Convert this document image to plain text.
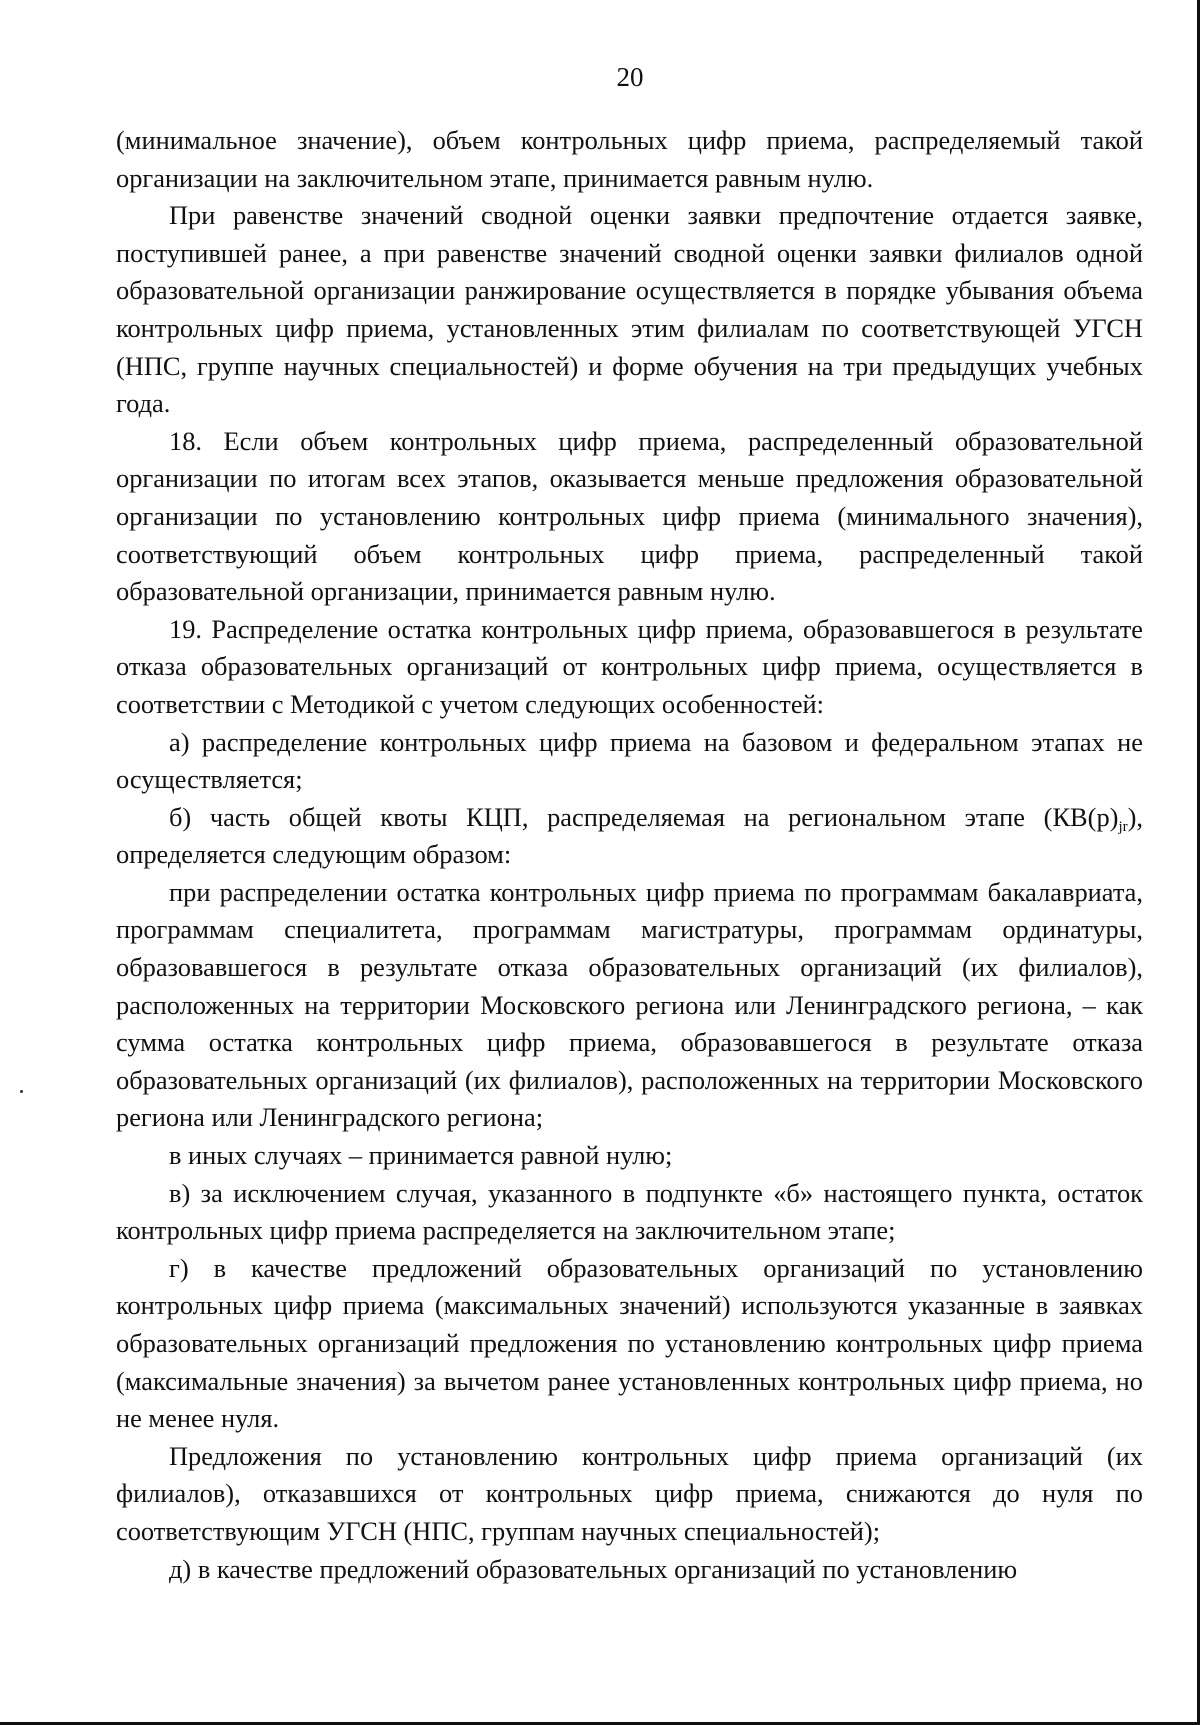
20

(минимальное значение), объем контрольных цифр приема, распределяемый такой организации на заключительном этапе, принимается равным нулю.

При равенстве значений сводной оценки заявки предпочтение отдается заявке, поступившей ранее, а при равенстве значений сводной оценки заявки филиалов одной образовательной организации ранжирование осуществляется в порядке убывания объема контрольных цифр приема, установленных этим филиалам по соответствующей УГСН (НПС, группе научных специальностей) и форме обучения на три предыдущих учебных года.

18. Если объем контрольных цифр приема, распределенный образовательной организации по итогам всех этапов, оказывается меньше предложения образовательной организации по установлению контрольных цифр приема (минимального значения), соответствующий объем контрольных цифр приема, распределенный такой образовательной организации, принимается равным нулю.

19. Распределение остатка контрольных цифр приема, образовавшегося в результате отказа образовательных организаций от контрольных цифр приема, осуществляется в соответствии с Методикой с учетом следующих особенностей:

а) распределение контрольных цифр приема на базовом и федеральном этапах не осуществляется;

б) часть общей квоты КЦП, распределяемая на региональном этапе $(КВ(р)_{jr})$, определяется следующим образом:

при распределении остатка контрольных цифр приема по программам бакалавриата, программам специалитета, программам магистратуры, программам ординатуры, образовавшегося в результате отказа образовательных организаций (их филиалов), расположенных на территории Московского региона или Ленинградского региона, – как сумма остатка контрольных цифр приема, образовавшегося в результате отказа образовательных организаций (их филиалов), расположенных на территории Московского региона или Ленинградского региона;

в иных случаях – принимается равной нулю;

в) за исключением случая, указанного в подпункте «б» настоящего пункта, остаток контрольных цифр приема распределяется на заключительном этапе;

г) в качестве предложений образовательных организаций по установлению контрольных цифр приема (максимальных значений) используются указанные в заявках образовательных организаций предложения по установлению контрольных цифр приема (максимальные значения) за вычетом ранее установленных контрольных цифр приема, но не менее нуля.

Предложения по установлению контрольных цифр приема организаций (их филиалов), отказавшихся от контрольных цифр приема, снижаются до нуля по соответствующим УГСН (НПС, группам научных специальностей);

д) в качестве предложений образовательных организаций по установлению
